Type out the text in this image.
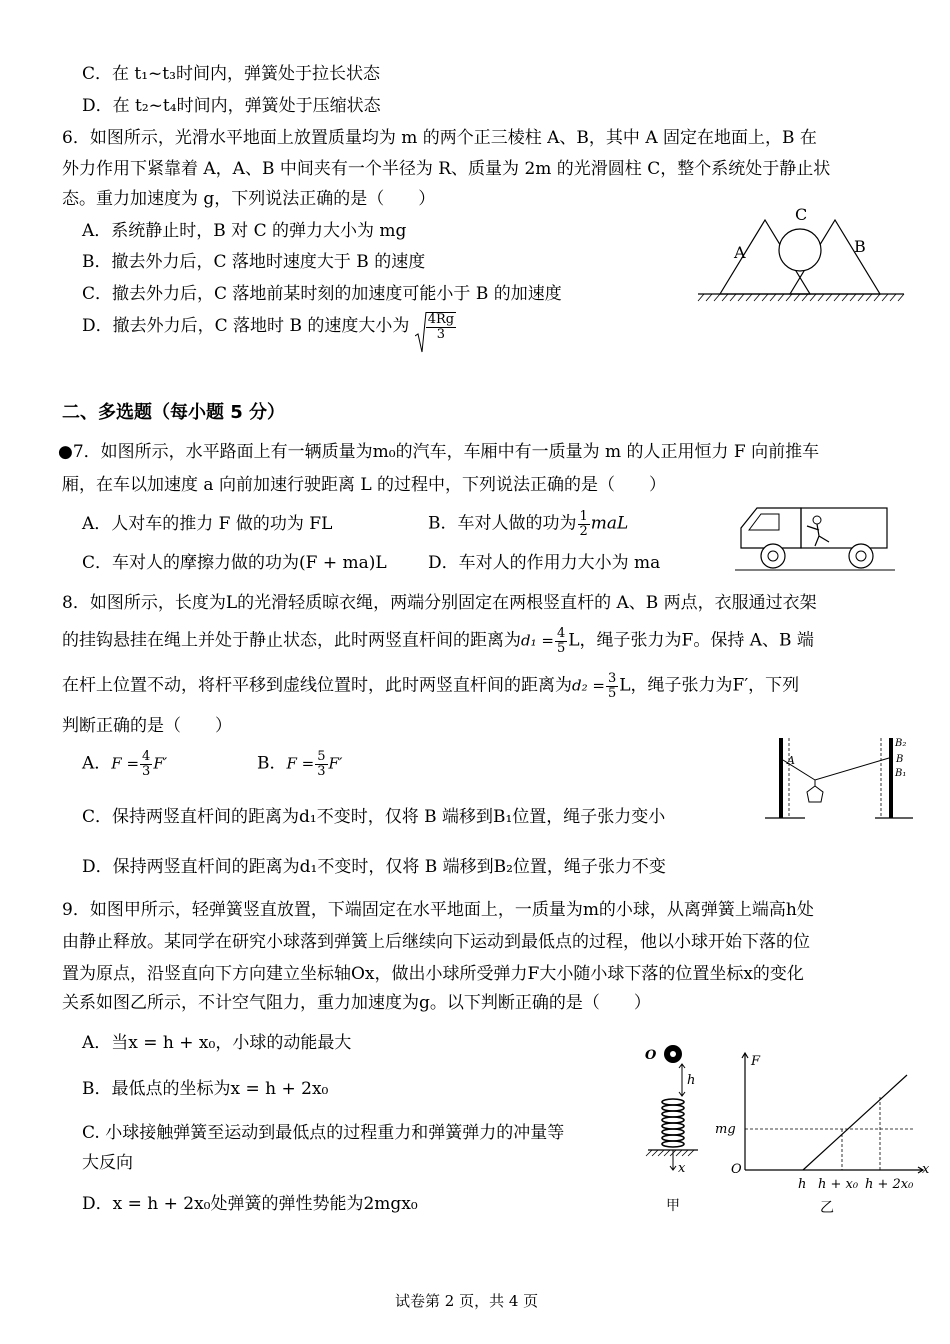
C．在 t₁~t₃时间内，弹簧处于拉长状态
D．在 t₂~t₄时间内，弹簧处于压缩状态
6．如图所示，光滑水平地面上放置质量均为 m 的两个正三棱柱 A、B，其中 A 固定在地面上，B 在
外力作用下紧靠着 A，A、B 中间夹有一个半径为 R、质量为 2m 的光滑圆柱 C，整个系统处于静止状
态。重力加速度为 g，下列说法正确的是（　　）
A．系统静止时，B 对 C 的弹力大小为 mg
B．撤去外力后，C 落地时速度大于 B 的速度
C．撤去外力后，C 落地前某时刻的加速度可能小于 B 的加速度
D．撤去外力后，C 落地时 B 的速度大小为 $\frac{4Rg}{3}$
A	B
C
二、多选题（每小题 5 分）
●7．如图所示，水平路面上有一辆质量为m₀的汽车，车厢中有一质量为 m 的人正用恒力 F 向前推车
厢，在车以加速度 a 向前加速行驶距离 L 的过程中，下列说法正确的是（　　）
A．人对车的推力 F 做的功为 FL	B．车对人做的功为 $\frac{1}{2}$ maL
C．车对人的摩擦力做的功为(F + ma)L D．车对人的作用力大小为 ma
8．如图所示，长度为L的光滑轻质晾衣绳，两端分别固定在两根竖直杆的 A、B 两点，衣服通过衣架
的挂钩悬挂在绳上并处于静止状态，此时两竖直杆间的距离为$d_1 = \frac{4}{5}$ L，绳子张力为F。保持 A、B 端
在杆上位置不动，将杆平移到虚线位置时，此时两竖直杆间的距离为$d_2 = \frac{3}{5}$ L，绳子张力为F′，下列
判断正确的是（　　）
A．$F = \frac{4}{3} F'$	B．$F = \frac{5}{3} F'$
C．保持两竖直杆间的距离为d₁不变时，仅将 B 端移到B₁位置，绳子张力变小
D．保持两竖直杆间的距离为d₁不变时，仅将 B 端移到B₂位置，绳子张力不变
A
B₂
B
B₁
9．如图甲所示，轻弹簧竖直放置，下端固定在水平地面上，一质量为m的小球，从离弹簧上端高h处
由静止释放。某同学在研究小球落到弹簧上后继续向下运动到最低点的过程，他以小球开始下落的位
置为原点，沿竖直向下方向建立坐标轴Ox，做出小球所受弹力F大小随小球下落的位置坐标x的变化
关系如图乙所示，不计空气阻力，重力加速度为g。以下判断正确的是（　　）
A．当x = h + x₀，小球的动能最大
B．最低点的坐标为x = h + 2x₀
C. 小球接触弹簧至运动到最低点的过程重力和弹簧弹力的冲量等
大反向
D．x = h + 2x₀处弹簧的弹性势能为2mgx₀
O
h
x
甲
F
mg
O	x
h h + x₀ h + 2x₀
乙
试卷第 2 页，共 4 页
